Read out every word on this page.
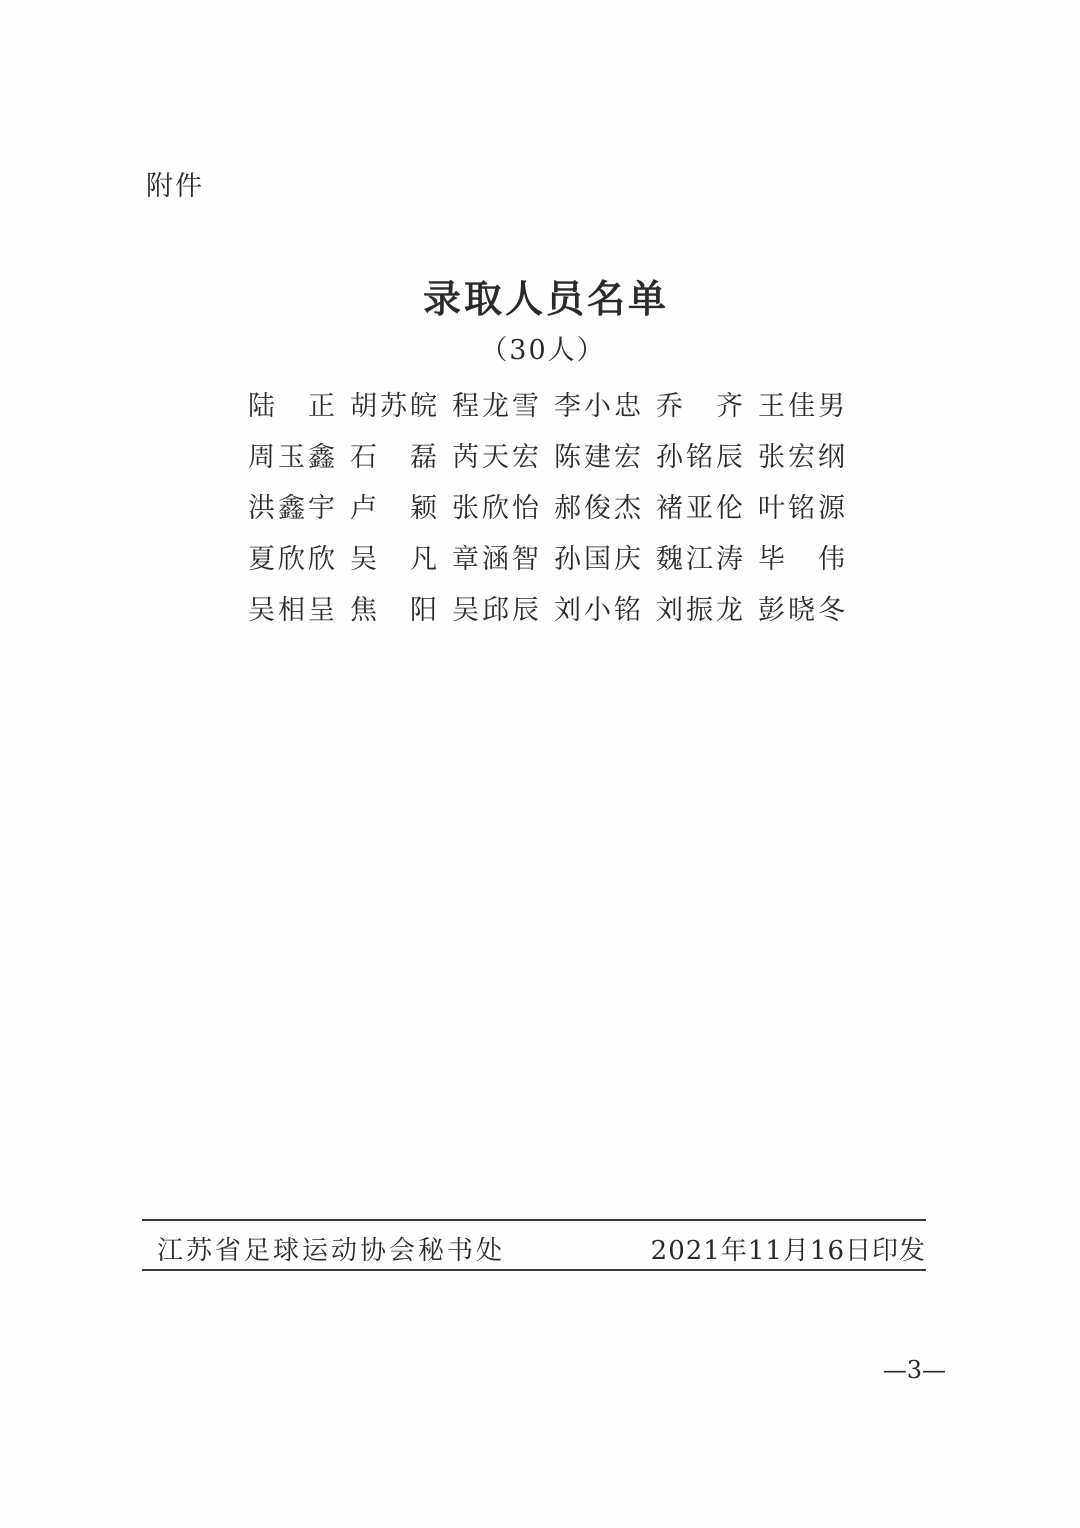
附件
录取人员名单
（30人）
陆 正 胡 苏 皖 程 龙 雪 李 小 忠 乔 齐 王 佳 男
周 玉 鑫 石 磊 芮 天 宏 陈 建 宏 孙 铭 辰 张 宏 纲
洪 鑫 宇 卢 颖 张 欣 怡 郝 俊 杰 褚 亚 伦 叶 铭 源
夏 欣 欣 吴 凡 章 涵 智 孙 国 庆 魏 江 涛 毕 伟
吴 相 呈 焦 阳 吴 邱 辰 刘 小 铭 刘 振 龙 彭 晓 冬
江苏省足球运动协会秘书处	2021年11月16日印发
—3—
